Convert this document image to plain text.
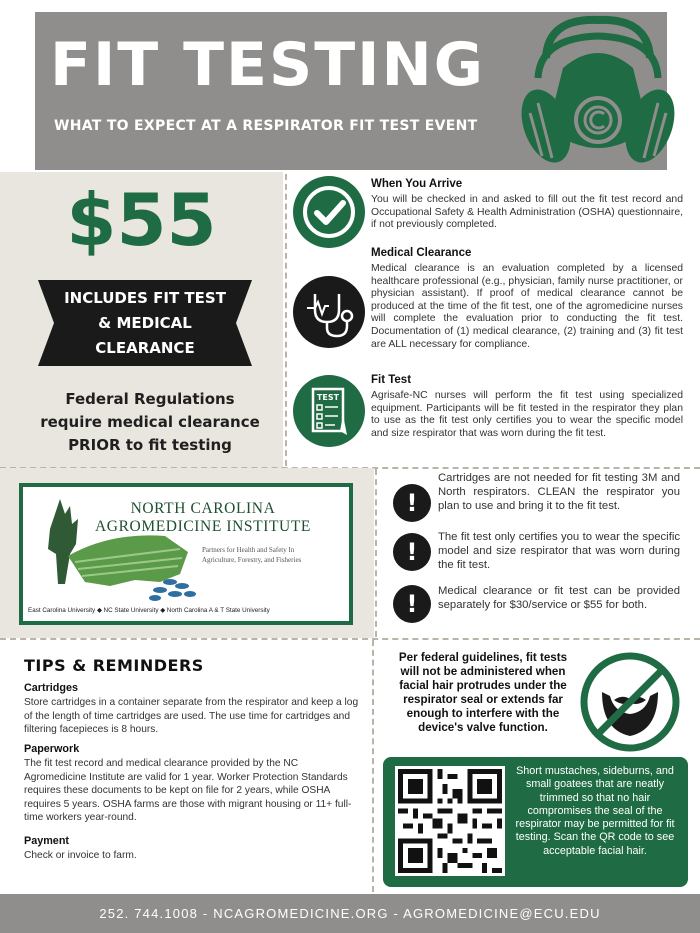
FIT TESTING
WHAT TO EXPECT AT A RESPIRATOR FIT TEST EVENT
$55
INCLUDES FIT TEST
& MEDICAL
CLEARANCE
Federal Regulations
require medical clearance
PRIOR to fit testing
TEST
When You Arrive
You will be checked in and asked to fill out the fit test record and Occupational Safety & Health Administration (OSHA) questionnaire, if not previously completed.
Medical Clearance
Medical clearance is an evaluation completed by a licensed healthcare professional (e.g., physician, family nurse practitioner, or physician assistant). If proof of medical clearance cannot be produced at the time of the fit test, one of the agromedicine nurses will complete the evaluation prior to conducting the fit test. Documentation of (1) medical clearance, (2) training and (3) fit test are ALL necessary for compliance.
Fit Test
Agrisafe-NC nurses will perform the fit test using specialized equipment. Participants will be fit tested in the respirator they plan to use as the fit test only certifies you to wear the specific model and size respirator that was worn during the fit test.
NORTH CAROLINA
AGROMEDICINE INSTITUTE
Partners for Health and Safety In
Agriculture, Forestry, and Fisheries
East Carolina University ◆ NC State University ◆ North Carolina A & T State University
!
Cartridges are not needed for fit testing 3M and North respirators. CLEAN the respirator you plan to use and bring it to the fit test.
!
The fit test only certifies you to wear the specific model and size respirator that was worn during the fit test.
!	Medical clearance or fit test can be provided separately for $30/service or $55 for both.
TIPS & REMINDERS
Cartridges
Store cartridges in a container separate from the respirator and keep a log of the length of time cartridges are used. The use time for cartridges and filtering facepieces is 8 hours.
Paperwork
The fit test record and medical clearance provided by the NC Agromedicine Institute are valid for 1 year. Worker Protection Standards requires these documents to be kept on file for 2 years, while OSHA requires 5 years. OSHA farms are those with migrant housing or 11+ full-time workers year-round.
Payment
Check or invoice to farm.
Per federal guidelines, fit tests will not be administered when facial hair protrudes under the respirator seal or extends far enough to interfere with the device's valve function.
Short mustaches, sideburns, and small goatees that are neatly trimmed so that no hair compromises the seal of the respirator may be permitted for fit testing. Scan the QR code to see acceptable facial hair.
252. 744.1008 - NCAGROMEDICINE.ORG - AGROMEDICINE@ECU.EDU
